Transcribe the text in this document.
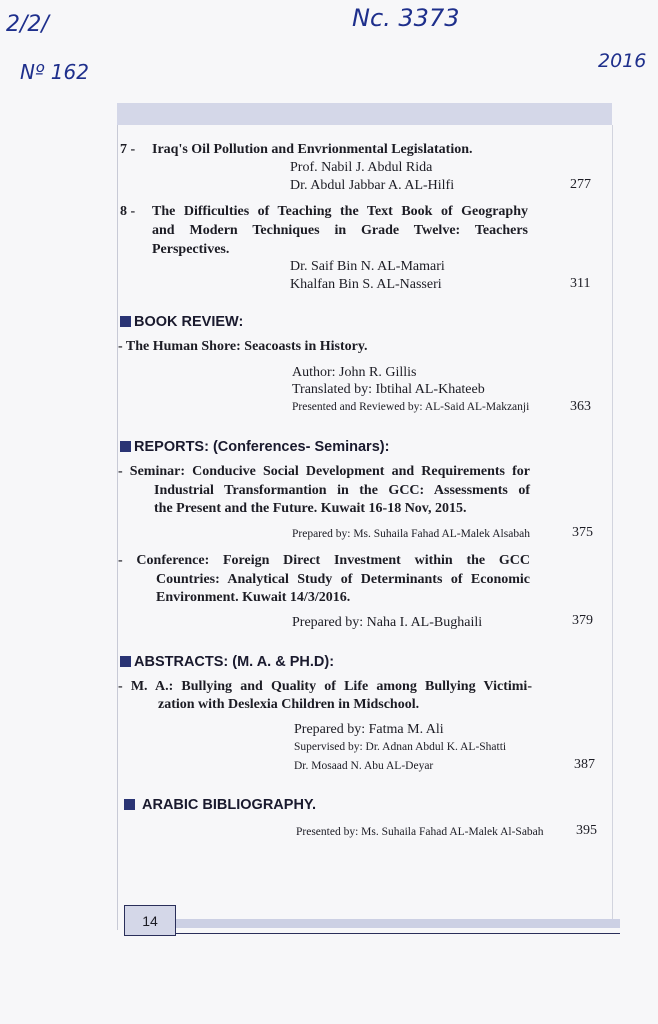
2/2/	Nc. 3373
Nº 162	2016
7 - Iraq's Oil Pollution and Envrionmental Legislatation.
Prof. Nabil J. Abdul Rida
Dr. Abdul Jabbar A. AL-Hilfi	277
8 - The Difficulties of Teaching the Text Book of Geography
and Modern Techniques in Grade Twelve: Teachers
Perspectives.
Dr. Saif Bin N. AL-Mamari
Khalfan Bin S. AL-Nasseri	311
BOOK REVIEW:
- The Human Shore: Seacoasts in History.
Author: John R. Gillis
Translated by: Ibtihal AL-Khateeb
Presented and Reviewed by: AL-Said AL-Makzanji	363
REPORTS: (Conferences- Seminars):
- Seminar: Conducive Social Development and Requirements for
Industrial Transformantion in the GCC: Assessments of
the Present and the Future. Kuwait 16-18 Nov, 2015.
Prepared by: Ms. Suhaila Fahad AL-Malek Alsabah	375
- Conference: Foreign Direct Investment within the GCC
Countries: Analytical Study of Determinants of Economic
Environment. Kuwait 14/3/2016.
Prepared by: Naha I. AL-Bughaili	379
ABSTRACTS: (M. A. & PH.D):
- M. A.: Bullying and Quality of Life among Bullying Victimi-
zation with Deslexia Children in Midschool.
Prepared by: Fatma M. Ali
Supervised by: Dr. Adnan Abdul K. AL-Shatti
Dr. Mosaad N. Abu AL-Deyar	387
ARABIC BIBLIOGRAPHY.
Presented by: Ms. Suhaila Fahad AL-Malek Al-Sabah 395
14
